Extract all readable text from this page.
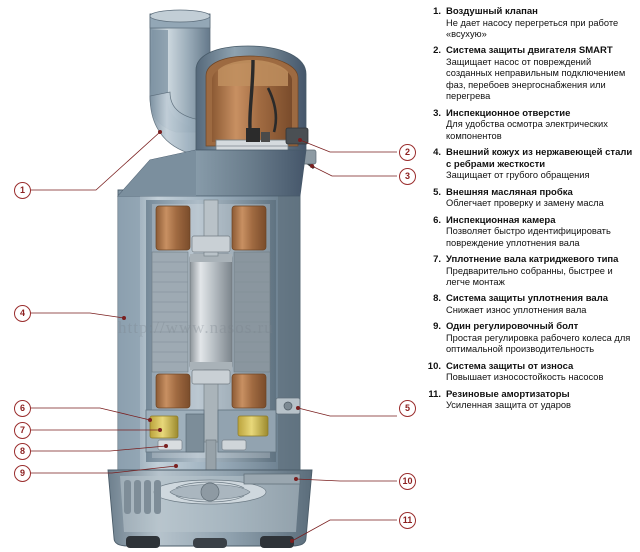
http://www.nasos.ru
1
2
3
4
5
6
7
8
9
10
11
1. Воздушный клапан
Не дает насосу перегреться при работе «всухую»
2. Система защиты двигателя SMART
Защищает насос от повреждений созданных неправильным подключением фаз, перебоев энергоснабжения или перегрева
3. Инспекционное отверстие
Для удобства осмотра электрических компонентов
4. Внешний кожух из нержавеющей стали с ребрами жесткости
Защищает от грубого обращения
5. Внешняя масляная пробка
Облегчает проверку и замену масла
6. Инспекционная камера
Позволяет быстро идентифицировать повреждение уплотнения вала
7. Уплотнение вала катриджевого типа
Предварительно собранны, быстрее и легче монтаж
8. Система защиты уплотнения вала
Снижает износ уплотнения вала
9. Один регулировочный болт
Простая регулировка рабочего колеса для оптимальной производительность
10. Система защиты от износа
Повышает износостойкость насосов
11. Резиновые амортизаторы
Усиленная защита от ударов
